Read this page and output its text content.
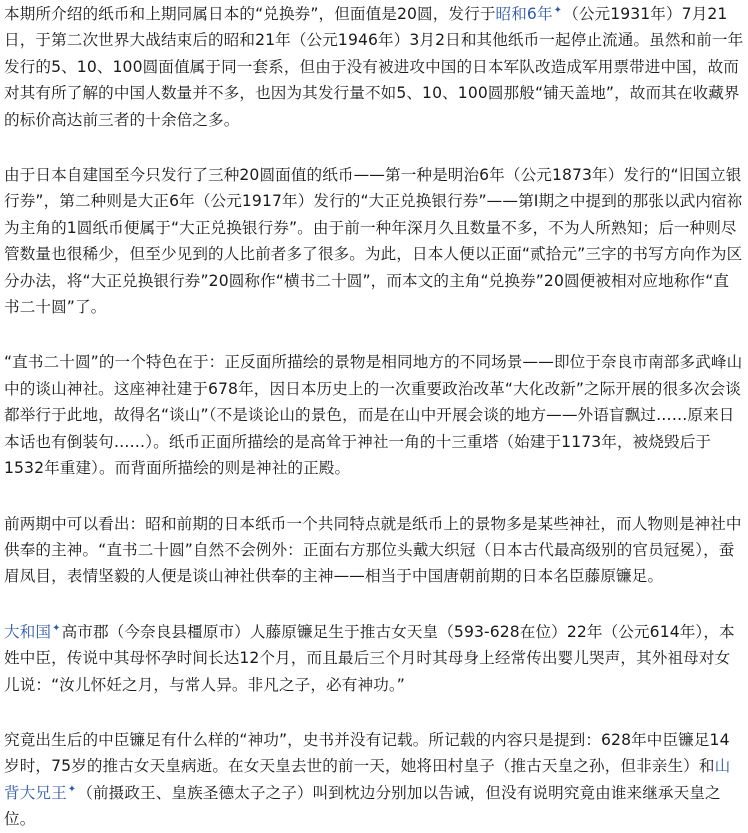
本期所介绍的纸币和上期同属日本的“兑换券”，但面值是20圆，发行于昭和6年✦（公元1931年）7月21日，于第二次世界大战结束后的昭和21年（公元1946年）3月2日和其他纸币一起停止流通。虽然和前一年发行的5、10、100圆面值属于同一套系，但由于没有被进攻中国的日本军队改造成军用票带进中国，故而对其有所了解的中国人数量并不多，也因为其发行量不如5、10、100圆那般“铺天盖地”，故而其在收藏界的标价高达前三者的十余倍之多。

由于日本自建国至今只发行了三种20圆面值的纸币——第一种是明治6年（公元1873年）发行的“旧国立银行券”，第二种则是大正6年（公元1917年）发行的“大正兑换银行券”——第Ⅰ期之中提到的那张以武内宿祢为主角的1圆纸币便属于“大正兑换银行券”。由于前一种年深月久且数量不多，不为人所熟知；后一种则尽管数量也很稀少，但至少见到的人比前者多了很多。为此，日本人便以正面“贰拾元”三字的书写方向作为区分办法，将“大正兑换银行券”20圆称作“横书二十圆”，而本文的主角“兑换券”20圆便被相对应地称作“直书二十圆”了。

“直书二十圆”的一个特色在于：正反面所描绘的景物是相同地方的不同场景——即位于奈良市南部多武峰山中的谈山神社。这座神社建于678年，因日本历史上的一次重要政治改革“大化改新”之际开展的很多次会谈都举行于此地，故得名“谈山”（不是谈论山的景色，而是在山中开展会谈的地方——外语盲飘过……原来日本话也有倒装句……）。纸币正面所描绘的是高耸于神社一角的十三重塔（始建于1173年，被烧毁后于1532年重建）。而背面所描绘的则是神社的正殿。

前两期中可以看出：昭和前期的日本纸币一个共同特点就是纸币上的景物多是某些神社，而人物则是神社中供奉的主神。“直书二十圆”自然不会例外：正面右方那位头戴大织冠（日本古代最高级别的官员冠冕），蚕眉凤目，表情坚毅的人便是谈山神社供奉的主神——相当于中国唐朝前期的日本名臣藤原镰足。

大和国✦高市郡（今奈良县橿原市）人藤原镰足生于推古女天皇（593-628在位）22年（公元614年），本姓中臣，传说中其母怀孕时间长达12个月，而且最后三个月时其母身上经常传出婴儿哭声，其外祖母对女儿说：“汝儿怀妊之月，与常人异。非凡之子，必有神功。”

究竟出生后的中臣镰足有什么样的“神功”，史书并没有记载。所记载的内容只是提到：628年中臣镰足14岁时，75岁的推古女天皇病逝。在女天皇去世的前一天，她将田村皇子（推古天皇之孙，但非亲生）和山背大兄王✦（前摄政王、皇族圣德太子之子）叫到枕边分别加以告诫，但没有说明究竟由谁来继承天皇之位。
